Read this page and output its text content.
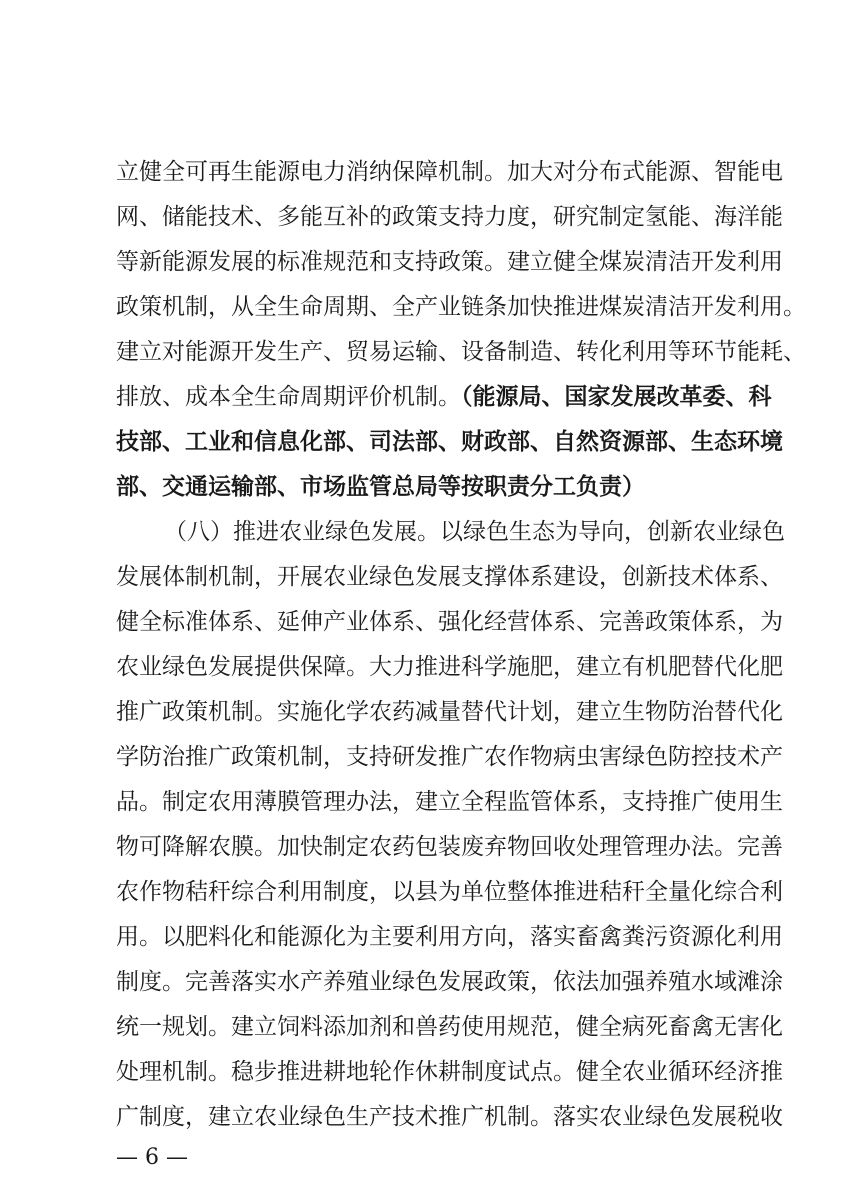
立健全可再生能源电力消纳保障机制。加大对分布式能源、智能电
网、储能技术、多能互补的政策支持力度，研究制定氢能、海洋能
等新能源发展的标准规范和支持政策。建立健全煤炭清洁开发利用
政策机制，从全生命周期、全产业链条加快推进煤炭清洁开发利用。
建立对能源开发生产、贸易运输、设备制造、转化利用等环节能耗、
排放、成本全生命周期评价机制。（能源局、国家发展改革委、科
技部、工业和信息化部、司法部、财政部、自然资源部、生态环境
部、交通运输部、市场监管总局等按职责分工负责）
（八）推进农业绿色发展。以绿色生态为导向，创新农业绿色
发展体制机制，开展农业绿色发展支撑体系建设，创新技术体系、
健全标准体系、延伸产业体系、强化经营体系、完善政策体系，为
农业绿色发展提供保障。大力推进科学施肥，建立有机肥替代化肥
推广政策机制。实施化学农药减量替代计划，建立生物防治替代化
学防治推广政策机制，支持研发推广农作物病虫害绿色防控技术产
品。制定农用薄膜管理办法，建立全程监管体系，支持推广使用生
物可降解农膜。加快制定农药包装废弃物回收处理管理办法。完善
农作物秸秆综合利用制度，以县为单位整体推进秸秆全量化综合利
用。以肥料化和能源化为主要利用方向，落实畜禽粪污资源化利用
制度。完善落实水产养殖业绿色发展政策，依法加强养殖水域滩涂
统一规划。建立饲料添加剂和兽药使用规范，健全病死畜禽无害化
处理机制。稳步推进耕地轮作休耕制度试点。健全农业循环经济推
广制度，建立农业绿色生产技术推广机制。落实农业绿色发展税收
— 6 —
